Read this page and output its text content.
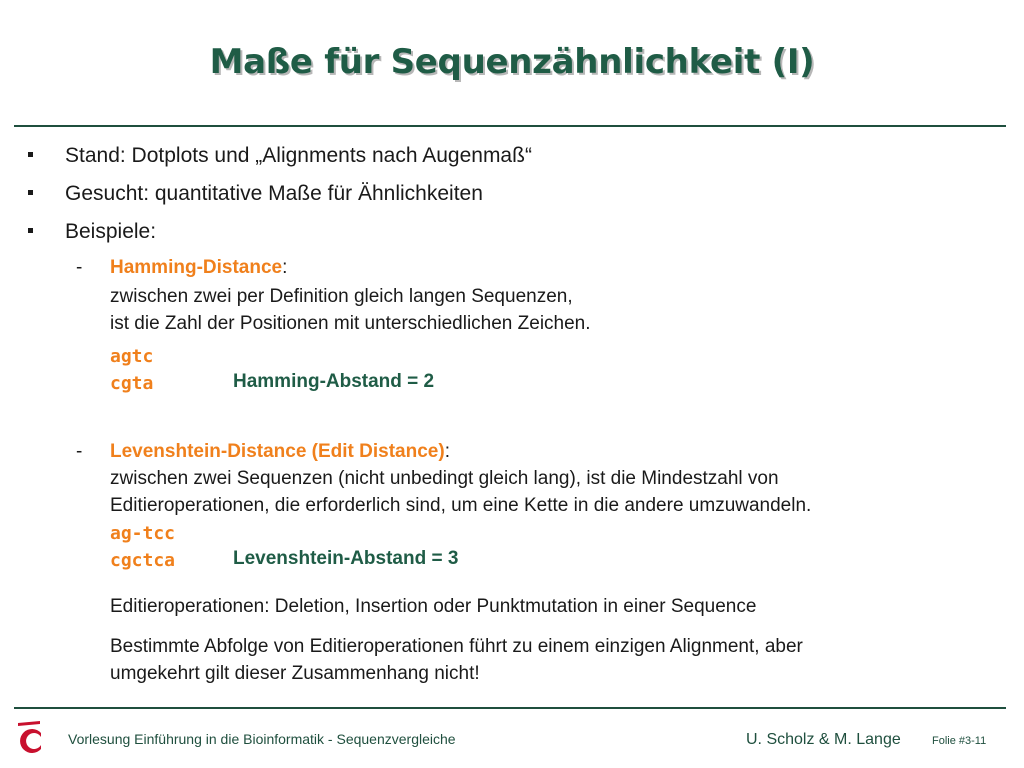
Maße für Sequenzähnlichkeit (I)
Stand: Dotplots und „Alignments nach Augenmaß“
Gesucht: quantitative Maße für Ähnlichkeiten
Beispiele:
-	Hamming-Distance :
zwischen zwei per Definition gleich langen Sequenzen,
ist die Zahl der Positionen mit unterschiedlichen Zeichen.
agtc
cgta	Hamming-Abstand = 2
-	Levenshtein-Distance (Edit Distance) :
zwischen zwei Sequenzen (nicht unbedingt gleich lang), ist die Mindestzahl von
Editieroperationen, die erforderlich sind, um eine Kette in die andere umzuwandeln.
ag-tcc
cgctca	Levenshtein-Abstand = 3
Editieroperationen: Deletion, Insertion oder Punktmutation in einer Sequence
Bestimmte Abfolge von Editieroperationen führt zu einem einzigen Alignment, aber
umgekehrt gilt dieser Zusammenhang nicht!
Vorlesung Einführung in die Bioinformatik - Sequenzvergleiche	U. Scholz & M. Lange	Folie #3-11
